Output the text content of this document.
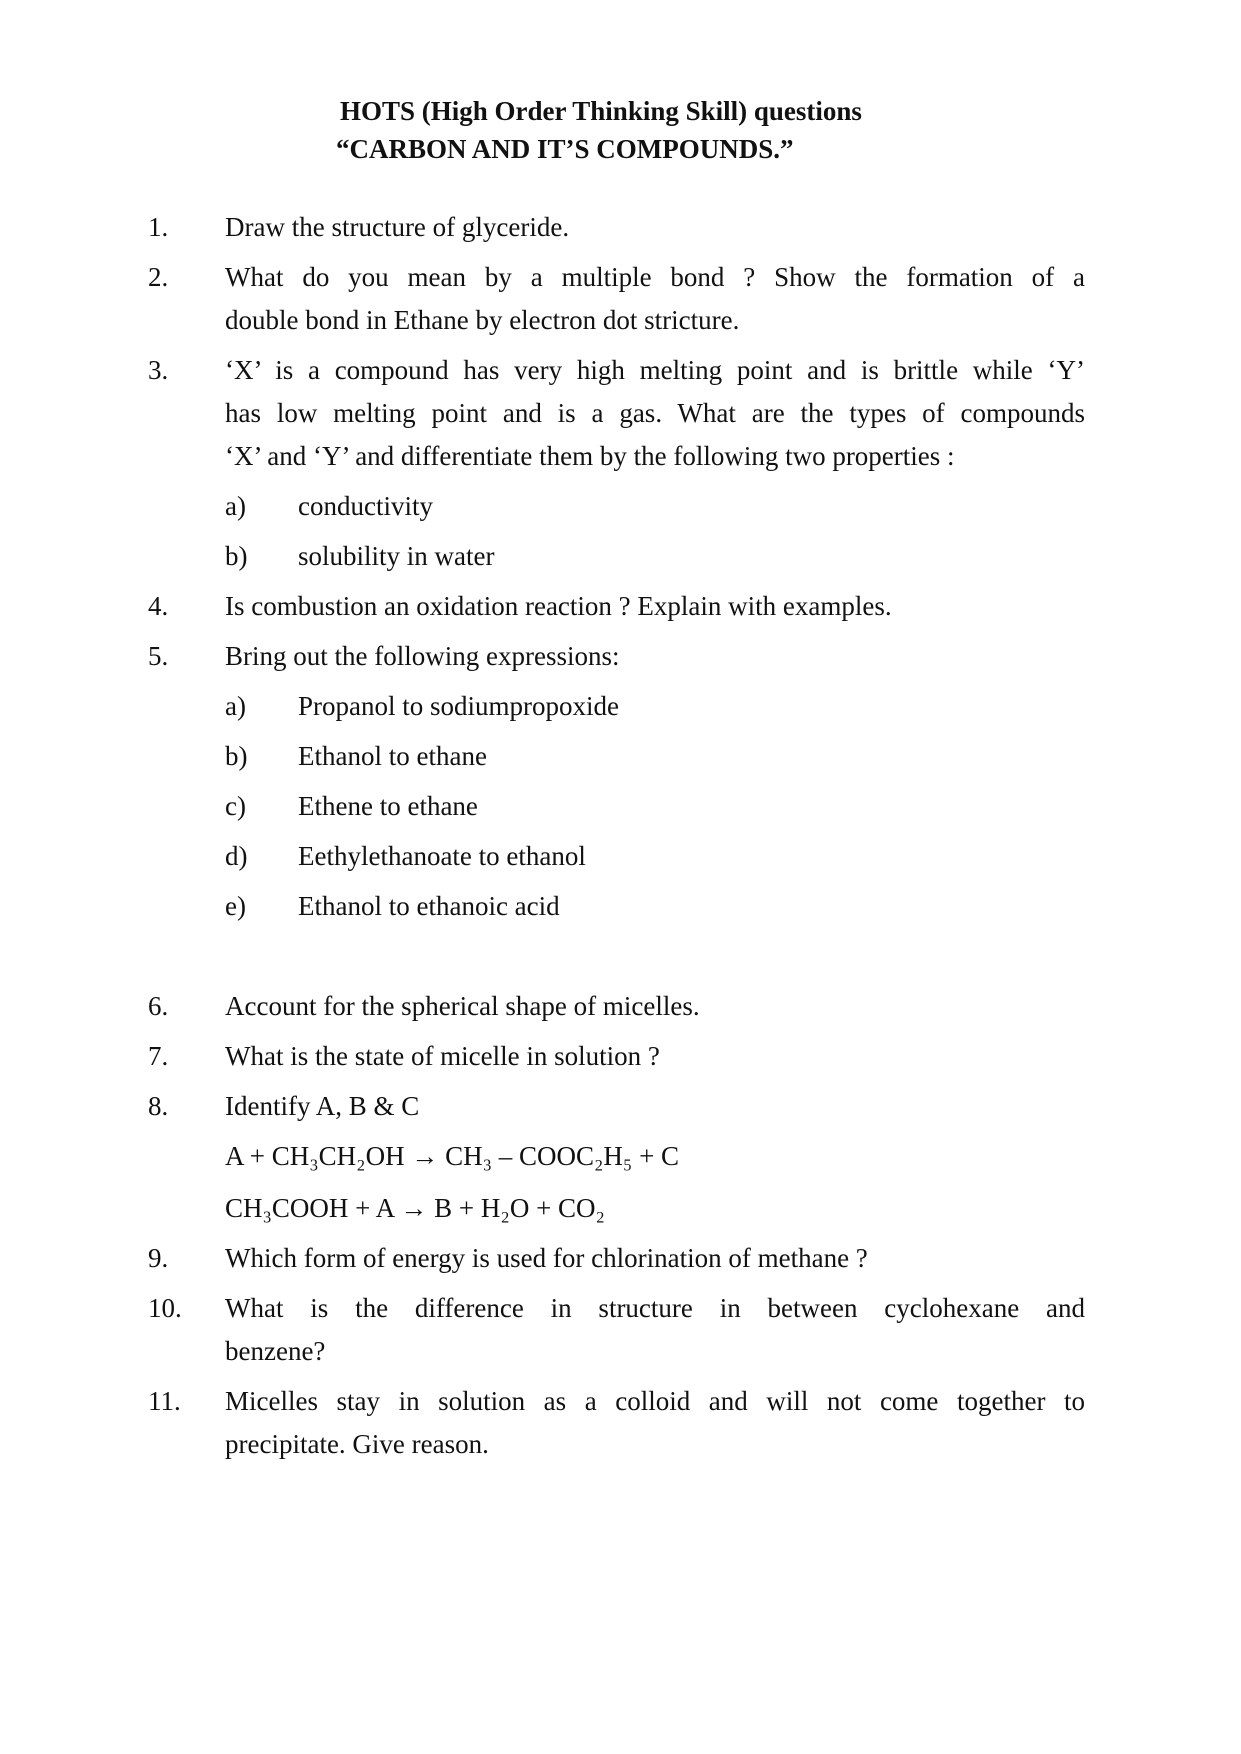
HOTS (High Order Thinking Skill) questions
“CARBON AND IT’S COMPOUNDS.”
1. Draw the structure of glyceride.
2. What do you mean by a multiple bond ? Show the formation of a
double bond in Ethane by electron dot stricture.
3. ‘X’ is a compound has very high melting point and is brittle while ‘Y’
has low melting point and is a gas. What are the types of compounds
‘X’ and ‘Y’ and differentiate them by the following two properties :
a) conductivity
b) solubility in water
4. Is combustion an oxidation reaction ? Explain with examples.
5. Bring out the following expressions:
a) Propanol to sodiumpropoxide
b) Ethanol to ethane
c) Ethene to ethane
d) Eethylethanoate to ethanol
e) Ethanol to ethanoic acid
6. Account for the spherical shape of micelles.
7. What is the state of micelle in solution ?
8. Identify A, B & C
A + CH₃CH₂OH → CH₃ – COOC₂H₅ + C
CH₃COOH + A → B + H₂O + CO₂
9. Which form of energy is used for chlorination of methane ?
10. What is the difference in structure in between cyclohexane and
benzene?
11. Micelles stay in solution as a colloid and will not come together to
precipitate. Give reason.
